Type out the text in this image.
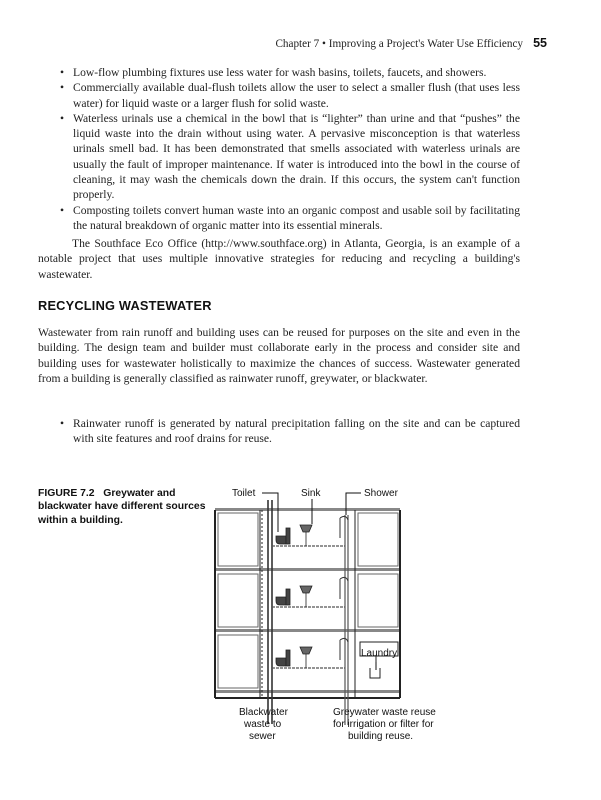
Chapter 7 • Improving a Project's Water Use Efficiency 55
• Low-flow plumbing fixtures use less water for wash basins, toilets, faucets, and showers.
• Commercially available dual-flush toilets allow the user to select a smaller flush (that uses less water) for liquid waste or a larger flush for solid waste.
• Waterless urinals use a chemical in the bowl that is “lighter” than urine and that “pushes” the liquid waste into the drain without using water. A pervasive misconception is that waterless urinals smell bad. It has been demonstrated that smells associated with waterless urinals are usually the fault of improper maintenance. If water is introduced into the bowl in the course of cleaning, it may wash the chemicals down the drain. If this occurs, the system can't function properly.
• Composting toilets convert human waste into an organic compost and usable soil by facilitating the natural breakdown of organic matter into its essential minerals.

The Southface Eco Office (http://www.southface.org) in Atlanta, Georgia, is an example of a notable project that uses multiple innovative strategies for reducing and recycling a building's wastewater.

RECYCLING WASTEWATER

Wastewater from rain runoff and building uses can be reused for purposes on the site and even in the building. The design team and builder must collaborate early in the process and consider site and building uses for wastewater holistically to maximize the chances of success. Wastewater generated from a building is generally classified as rainwater runoff, greywater, or blackwater.

• Rainwater runoff is generated by natural precipitation falling on the site and can be captured with site features and roof drains for reuse.

FIGURE 7.2 Greywater and blackwater have different sources within a building.

Toilet	Sink	Shower
Laundry
Blackwater
waste to
sewer
Greywater waste reuse
for irrigation or filter for
building reuse.
